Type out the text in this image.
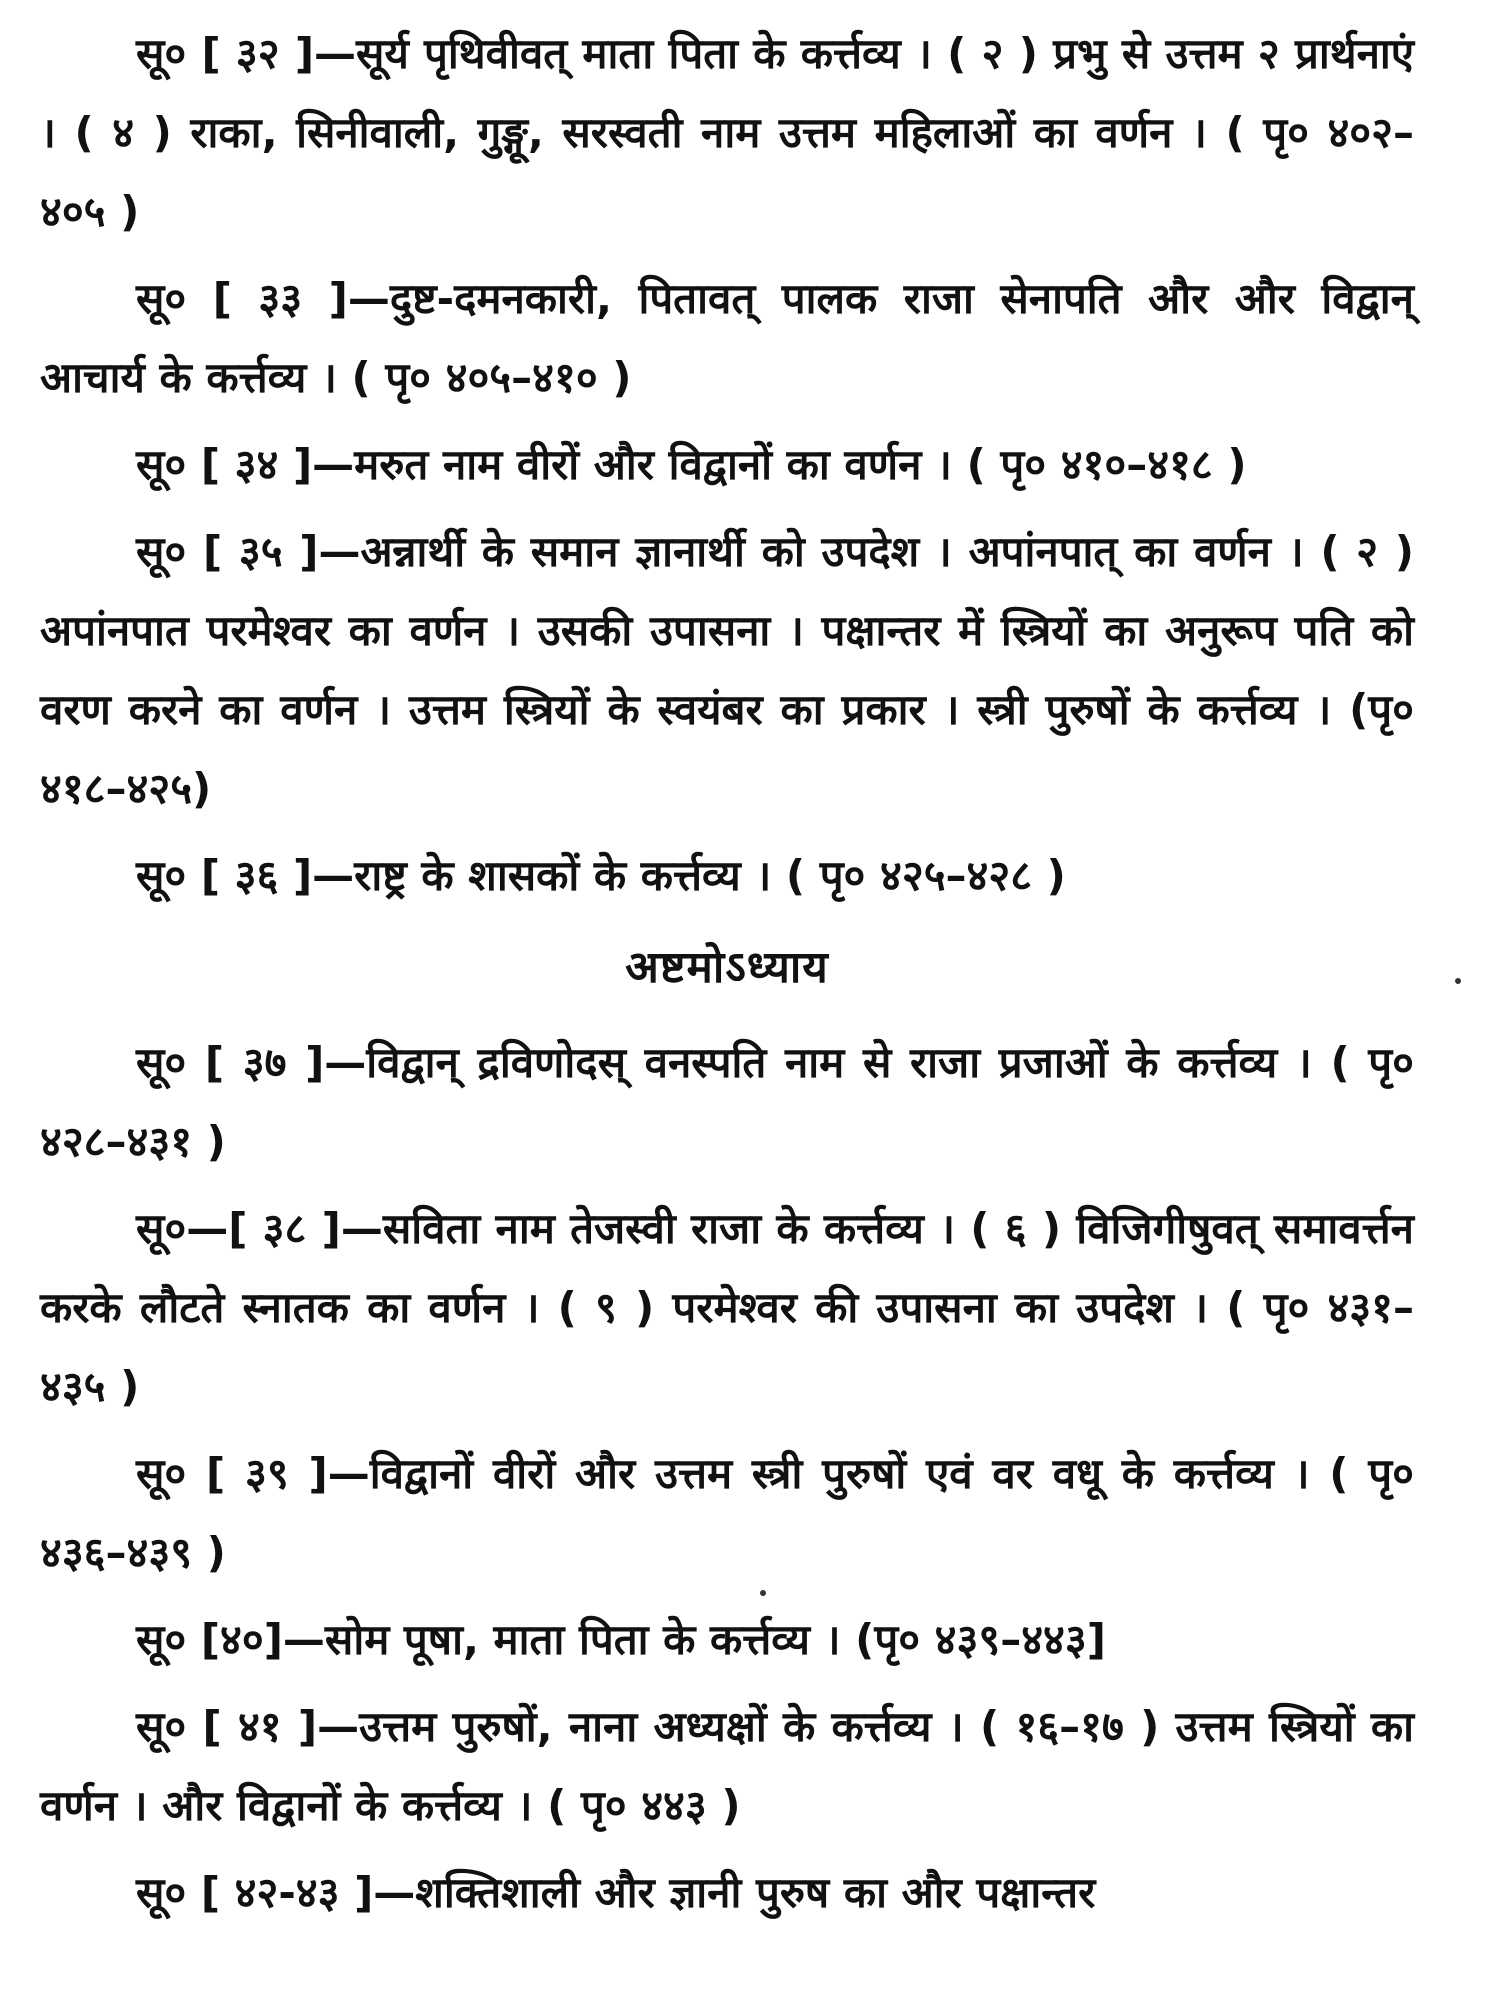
सू० [ ३२ ]—सूर्य पृथिवीवत् माता पिता के कर्त्तव्य । ( २ ) प्रभु से उत्तम २ प्रार्थनाएं । ( ४ ) राका, सिनीवाली, गुङ्गू, सरस्वती नाम उत्तम महिलाओं का वर्णन । ( पृ० ४०२–४०५ )

सू० [ ३३ ]—दुष्ट-दमनकारी, पितावत् पालक राजा सेनापति और और विद्वान् आचार्य के कर्त्तव्य । ( पृ० ४०५–४१० )

सू० [ ३४ ]—मरुत नाम वीरों और विद्वानों का वर्णन । ( पृ० ४१०–४१८ )

सू० [ ३५ ]—अन्नार्थी के समान ज्ञानार्थी को उपदेश । अपांनपात् का वर्णन । ( २ ) अपांनपात परमेश्वर का वर्णन । उसकी उपासना । पक्षान्तर में स्त्रियों का अनुरूप पति को वरण करने का वर्णन । उत्तम स्त्रियों के स्वयंबर का प्रकार । स्त्री पुरुषों के कर्त्तव्य । (पृ० ४१८–४२५)

सू० [ ३६ ]—राष्ट्र के शासकों के कर्त्तव्य । ( पृ० ४२५–४२८ )

अष्टमोऽध्याय

सू० [ ३७ ]—विद्वान् द्रविणोदस् वनस्पति नाम से राजा प्रजाओं के कर्त्तव्य । ( पृ० ४२८–४३१ )

सू०—[ ३८ ]—सविता नाम तेजस्वी राजा के कर्त्तव्य । ( ६ ) विजिगीषुवत् समावर्त्तन करके लौटते स्नातक का वर्णन । ( ९ ) परमेश्वर की उपासना का उपदेश । ( पृ० ४३१–४३५ )

सू० [ ३९ ]—विद्वानों वीरों और उत्तम स्त्री पुरुषों एवं वर वधू के कर्त्तव्य । ( पृ० ४३६–४३९ )

सू० [४०]—सोम पूषा, माता पिता के कर्त्तव्य । (पृ० ४३९–४४३]

सू० [ ४१ ]—उत्तम पुरुषों, नाना अध्यक्षों के कर्त्तव्य । ( १६–१७ ) उत्तम स्त्रियों का वर्णन । और विद्वानों के कर्त्तव्य । ( पृ० ४४३ )

सू० [ ४२-४३ ]—शक्तिशाली और ज्ञानी पुरुष का और पक्षान्तर
